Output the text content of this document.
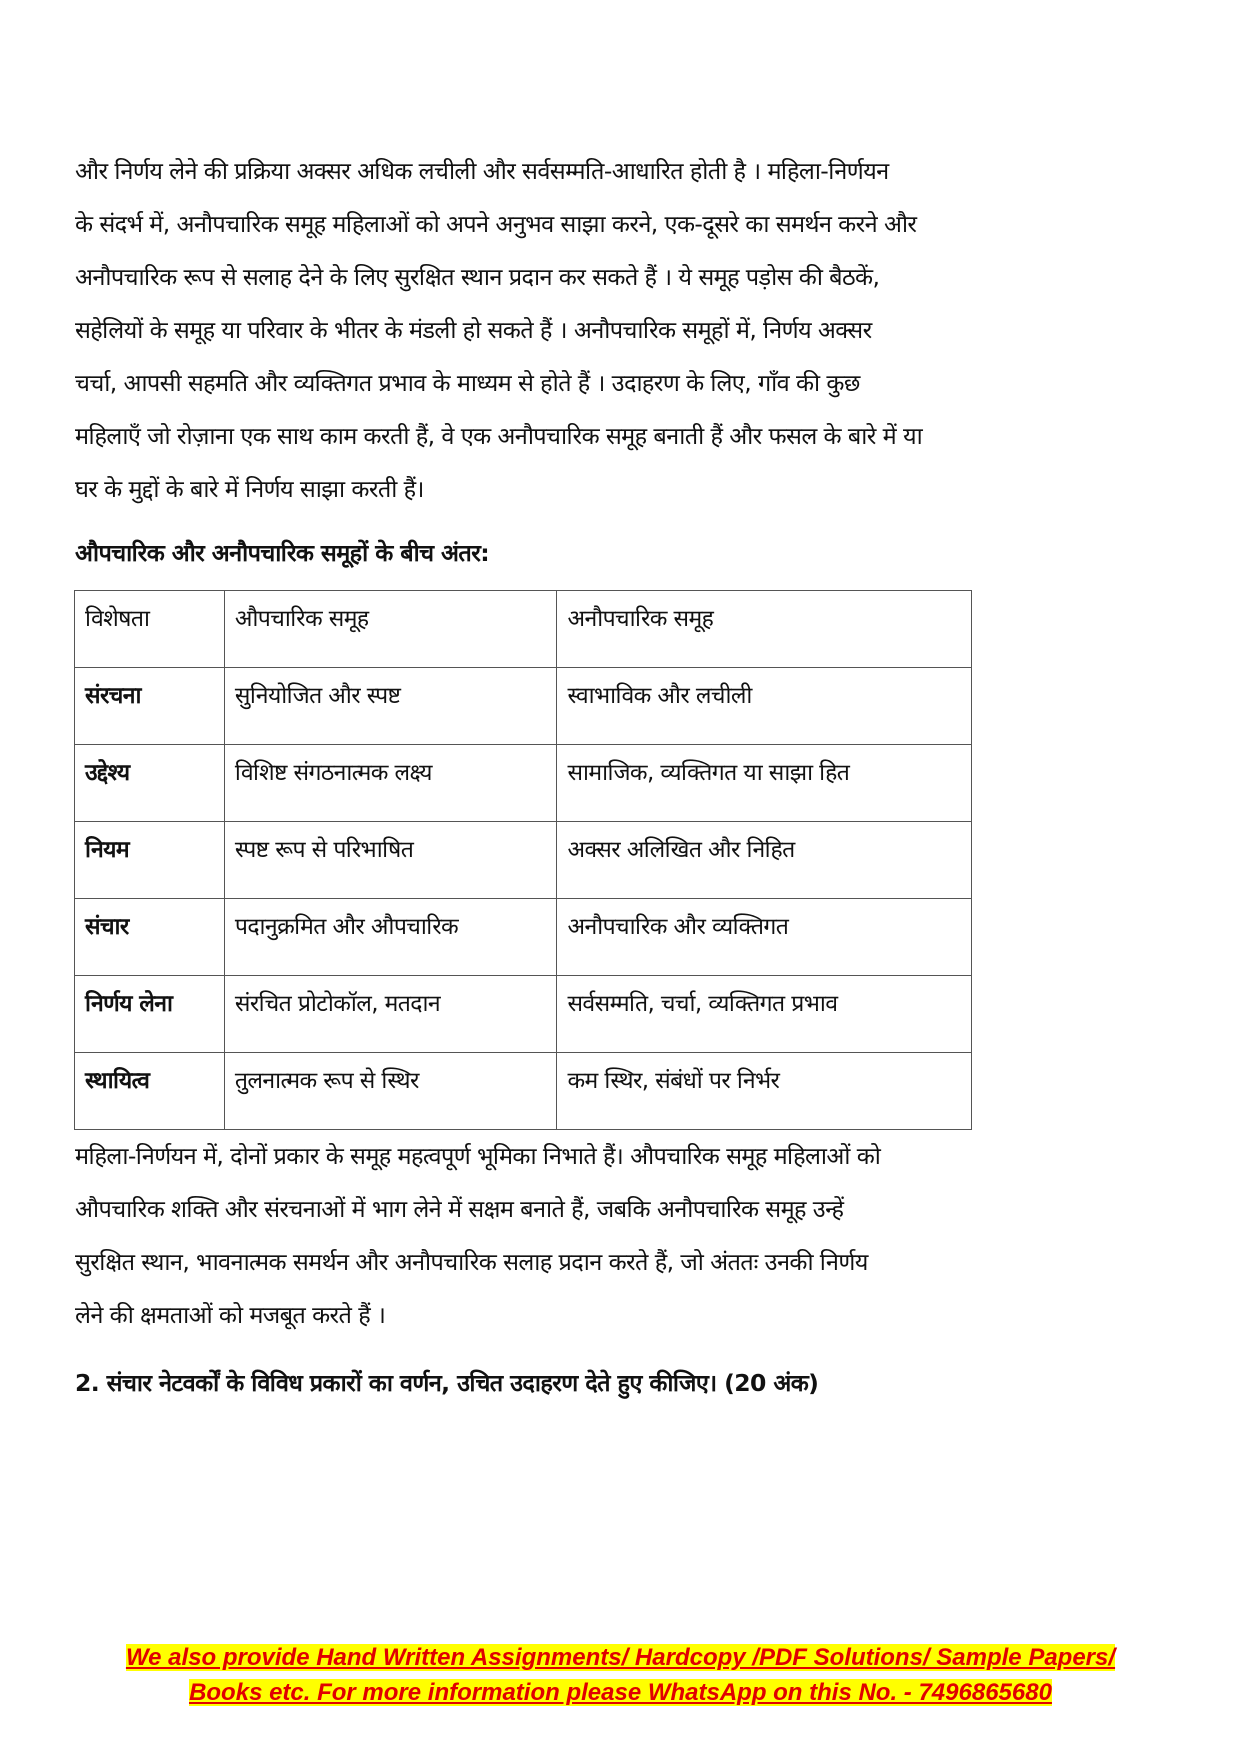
और निर्णय लेने की प्रक्रिया अक्सर अधिक लचीली और सर्वसम्मति-आधारित होती है । महिला-निर्णयन

के संदर्भ में, अनौपचारिक समूह महिलाओं को अपने अनुभव साझा करने, एक-दूसरे का समर्थन करने और

अनौपचारिक रूप से सलाह देने के लिए सुरक्षित स्थान प्रदान कर सकते हैं । ये समूह पड़ोस की बैठकें,

सहेलियों के समूह या परिवार के भीतर के मंडली हो सकते हैं । अनौपचारिक समूहों में, निर्णय अक्सर

चर्चा, आपसी सहमति और व्यक्तिगत प्रभाव के माध्यम से होते हैं । उदाहरण के लिए, गाँव की कुछ

महिलाएँ जो रोज़ाना एक साथ काम करती हैं, वे एक अनौपचारिक समूह बनाती हैं और फसल के बारे में या

घर के मुद्दों के बारे में निर्णय साझा करती हैं।

औपचारिक और अनौपचारिक समूहों के बीच अंतर:
विशेषता	औपचारिक समूह	अनौपचारिक समूह
संरचना	सुनियोजित और स्पष्ट	स्वाभाविक और लचीली
उद्देश्य	विशिष्ट संगठनात्मक लक्ष्य	सामाजिक, व्यक्तिगत या साझा हित
नियम	स्पष्ट रूप से परिभाषित	अक्सर अलिखित और निहित
संचार	पदानुक्रमित और औपचारिक	अनौपचारिक और व्यक्तिगत
निर्णय लेना	संरचित प्रोटोकॉल, मतदान	सर्वसम्मति, चर्चा, व्यक्तिगत प्रभाव
स्थायित्व	तुलनात्मक रूप से स्थिर	कम स्थिर, संबंधों पर निर्भर

महिला-निर्णयन में, दोनों प्रकार के समूह महत्वपूर्ण भूमिका निभाते हैं। औपचारिक समूह महिलाओं को

औपचारिक शक्ति और संरचनाओं में भाग लेने में सक्षम बनाते हैं, जबकि अनौपचारिक समूह उन्हें

सुरक्षित स्थान, भावनात्मक समर्थन और अनौपचारिक सलाह प्रदान करते हैं, जो अंततः उनकी निर्णय

लेने की क्षमताओं को मजबूत करते हैं ।

2. संचार नेटवर्कों के विविध प्रकारों का वर्णन, उचित उदाहरण देते हुए कीजिए। (20 अंक)
We also provide Hand Written Assignments/ Hardcopy /PDF Solutions/ Sample Papers/
Books etc. For more information please WhatsApp on this No. - 7496865680
